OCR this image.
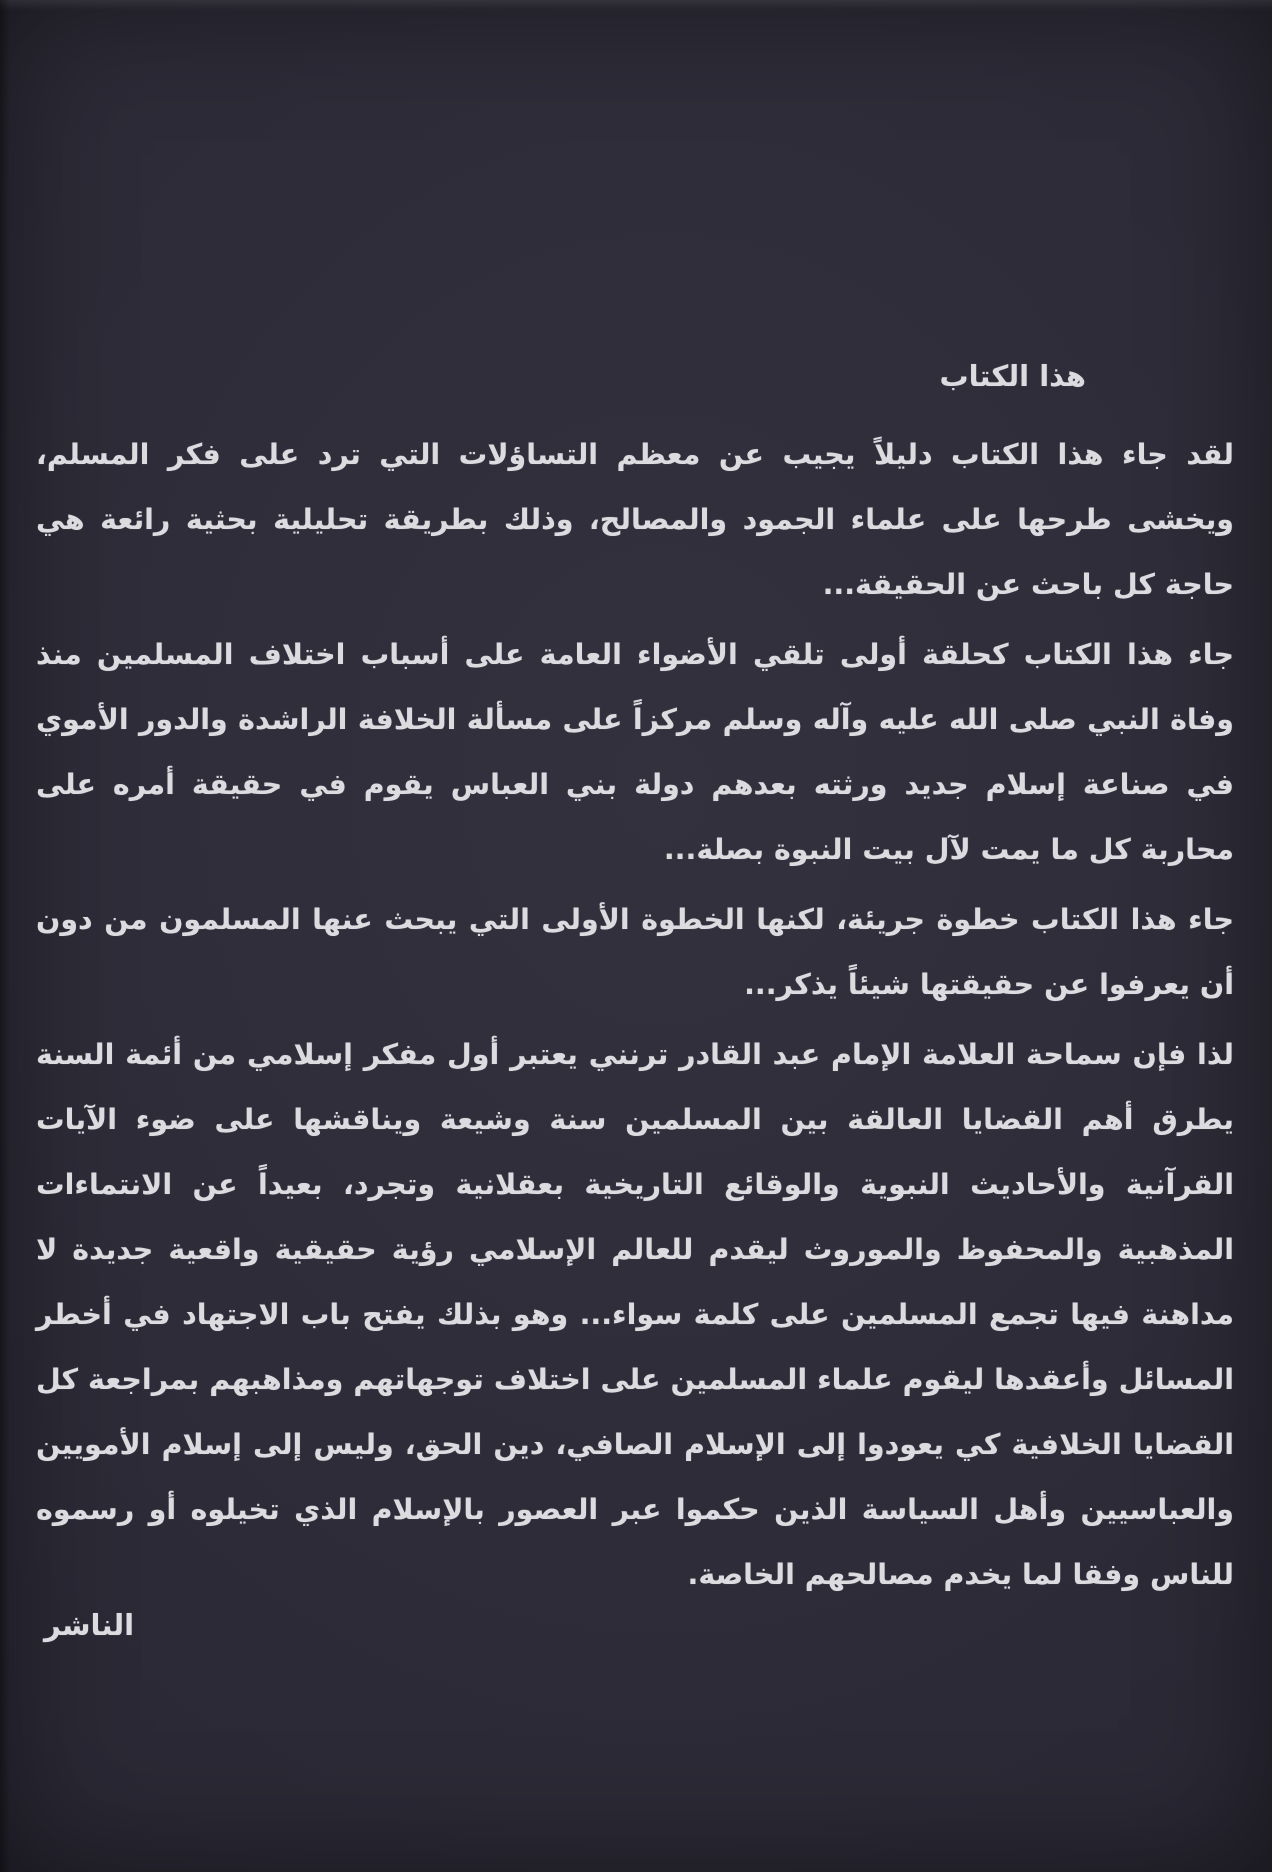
هذا الكتاب

لقد جاء هذا الكتاب دليلاً يجيب عن معظم التساؤلات التي ترد على فكر المسلم، ويخشى طرحها على علماء الجمود والمصالح، وذلك بطريقة تحليلية بحثية رائعة هي حاجة كل باحث عن الحقيقة...

جاء هذا الكتاب كحلقة أولى تلقي الأضواء العامة على أسباب اختلاف المسلمين منذ وفاة النبي صلى الله عليه وآله وسلم مركزاً على مسألة الخلافة الراشدة والدور الأموي في صناعة إسلام جديد ورثته بعدهم دولة بني العباس يقوم في حقيقة أمره على محاربة كل ما يمت لآل بيت النبوة بصلة...

جاء هذا الكتاب خطوة جريئة، لكنها الخطوة الأولى التي يبحث عنها المسلمون من دون أن يعرفوا عن حقيقتها شيئاً يذكر...

لذا فإن سماحة العلامة الإمام عبد القادر ترنني يعتبر أول مفكر إسلامي من أئمة السنة يطرق أهم القضايا العالقة بين المسلمين سنة وشيعة ويناقشها على ضوء الآيات القرآنية والأحاديث النبوية والوقائع التاريخية بعقلانية وتجرد، بعيداً عن الانتماءات المذهبية والمحفوظ والموروث ليقدم للعالم الإسلامي رؤية حقيقية واقعية جديدة لا مداهنة فيها تجمع المسلمين على كلمة سواء... وهو بذلك يفتح باب الاجتهاد في أخطر المسائل وأعقدها ليقوم علماء المسلمين على اختلاف توجهاتهم ومذاهبهم بمراجعة كل القضايا الخلافية كي يعودوا إلى الإسلام الصافي، دين الحق، وليس إلى إسلام الأمويين والعباسيين وأهل السياسة الذين حكموا عبر العصور بالإسلام الذي تخيلوه أو رسموه للناس وفقا لما يخدم مصالحهم الخاصة.

الناشر
